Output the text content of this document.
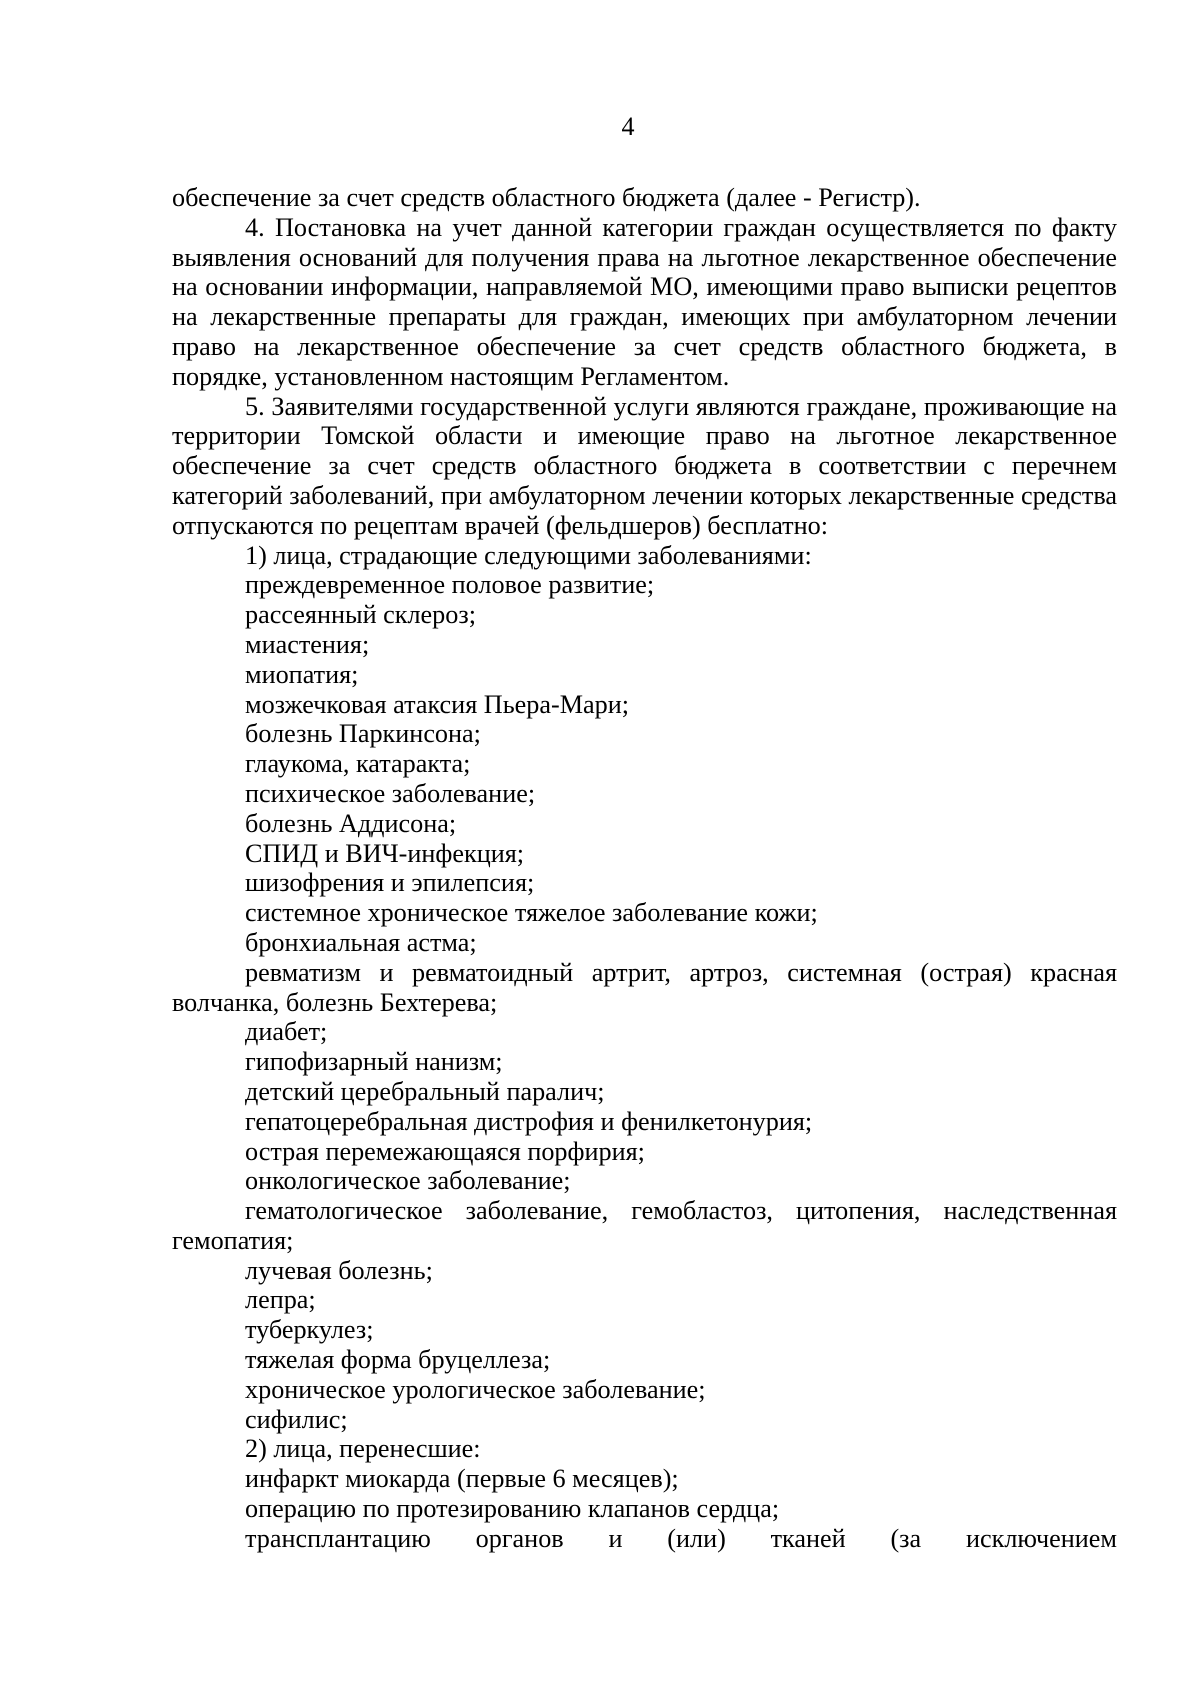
4

обеспечение за счет средств областного бюджета (далее - Регистр).

4. Постановка на учет данной категории граждан осуществляется по факту выявления оснований для получения права на льготное лекарственное обеспечение на основании информации, направляемой МО, имеющими право выписки рецептов на лекарственные препараты для граждан, имеющих при амбулаторном лечении право на лекарственное обеспечение за счет средств областного бюджета, в порядке, установленном настоящим Регламентом.

5. Заявителями государственной услуги являются граждане, проживающие на территории Томской области и имеющие право на льготное лекарственное обеспечение за счет средств областного бюджета в соответствии с перечнем категорий заболеваний, при амбулаторном лечении которых лекарственные средства отпускаются по рецептам врачей (фельдшеров) бесплатно:

1) лица, страдающие следующими заболеваниями:

преждевременное половое развитие;

рассеянный склероз;

миастения;

миопатия;

мозжечковая атаксия Пьера-Мари;

болезнь Паркинсона;

глаукома, катаракта;

психическое заболевание;

болезнь Аддисона;

СПИД и ВИЧ-инфекция;

шизофрения и эпилепсия;

системное хроническое тяжелое заболевание кожи;

бронхиальная астма;

ревматизм и ревматоидный артрит, артроз, системная (острая) красная волчанка, болезнь Бехтерева;

диабет;

гипофизарный нанизм;

детский церебральный паралич;

гепатоцеребральная дистрофия и фенилкетонурия;

острая перемежающаяся порфирия;

онкологическое заболевание;

гематологическое заболевание, гемобластоз, цитопения, наследственная гемопатия;

лучевая болезнь;

лепра;

туберкулез;

тяжелая форма бруцеллеза;

хроническое урологическое заболевание;

сифилис;

2) лица, перенесшие:

инфаркт миокарда (первые 6 месяцев);

операцию по протезированию клапанов сердца;

трансплантацию органов и (или) тканей (за исключением
